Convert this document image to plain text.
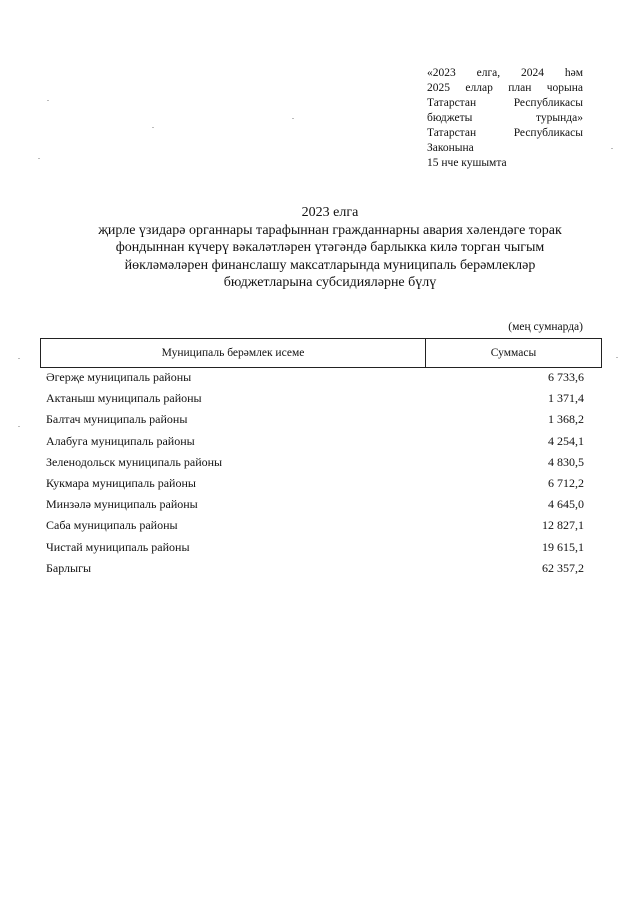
«2023 елга, 2024 һәм
2025 еллар план чорына
Татарстан Республикасы
бюджеты турында»
Татарстан Республикасы
Законына
15 нче кушымта
2023 елга
җирле үзидарә органнары тарафыннан гражданнарны авария хәлендәге торак
фондыннан күчерү вәкаләтләрен үтәгәндә барлыкка килә торган чыгым
йөкләмәләрен финанслашу максатларында муниципаль берәмлекләр
бюджетларына субсидияләрне бүлү
(мең сумнарда)
Муниципаль берәмлек исеме	Суммасы
Әгерҗе муниципаль районы	6 733,6
Актаныш муниципаль районы	1 371,4
Балтач муниципаль районы	1 368,2
Алабуга муниципаль районы	4 254,1
Зеленодольск муниципаль районы	4 830,5
Кукмара муниципаль районы	6 712,2
Минзәлә муниципаль районы	4 645,0
Саба муниципаль районы	12 827,1
Чистай муниципаль районы	19 615,1
Барлыгы	62 357,2
